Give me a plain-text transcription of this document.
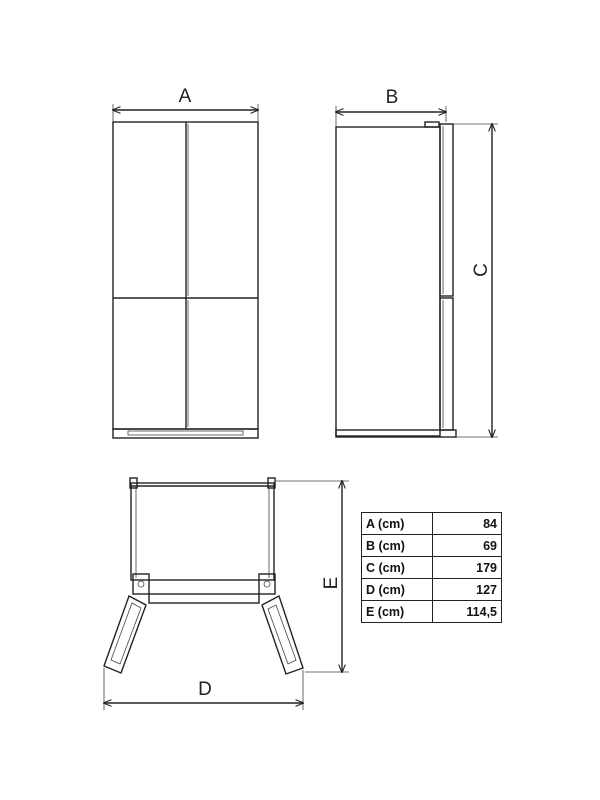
A	B
C
D
E
A (cm)	84
B (cm)	69
C (cm)	179
D (cm)	127
E (cm)	114,5
